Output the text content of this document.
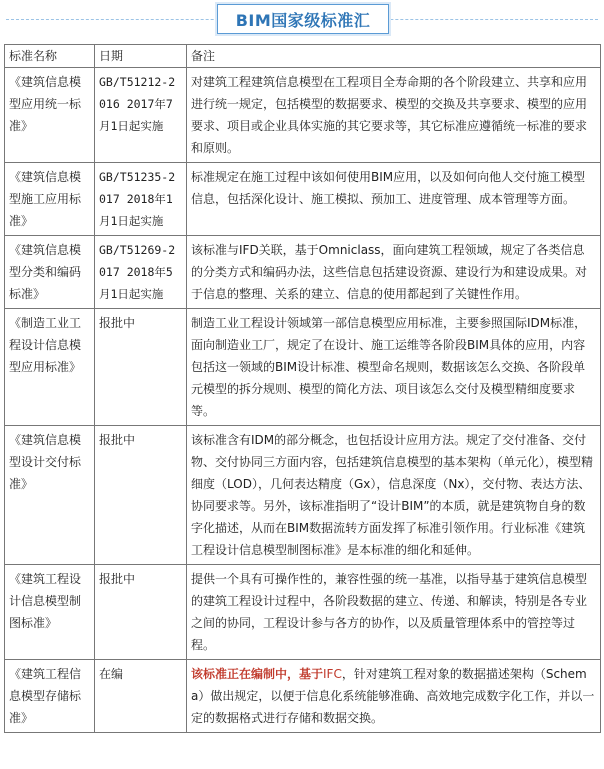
BIM国家级标准汇
标准名称	日期	备注
《建筑信息模型应用统一标准》	GB/T51212-2016 2017年7月1日起实施	对建筑工程建筑信息模型在工程项目全寿命期的各个阶段建立、共享和应用进行统一规定，包括模型的数据要求、模型的交换及共享要求、模型的应用要求、项目或企业具体实施的其它要求等，其它标准应遵循统一标准的要求和原则。
《建筑信息模型施工应用标准》	GB/T51235-2017 2018年1月1日起实施	标准规定在施工过程中该如何使用BIM应用，以及如何向他人交付施工模型信息，包括深化设计、施工模拟、预加工、进度管理、成本管理等方面。
《建筑信息模型分类和编码标准》	GB/T51269-2017 2018年5月1日起实施	该标准与IFD关联，基于Omniclass，面向建筑工程领域，规定了各类信息的分类方式和编码办法，这些信息包括建设资源、建设行为和建设成果。对于信息的整理、关系的建立、信息的使用都起到了关键性作用。
《制造工业工程设计信息模型应用标准》	报批中	制造工业工程设计领域第一部信息模型应用标准，主要参照国际IDM标准，面向制造业工厂，规定了在设计、施工运维等各阶段BIM具体的应用，内容包括这一领域的BIM设计标准、模型命名规则，数据该怎么交换、各阶段单元模型的拆分规则、模型的简化方法、项目该怎么交付及模型精细度要求等。
《建筑信息模型设计交付标准》	报批中	该标准含有IDM的部分概念，也包括设计应用方法。规定了交付准备、交付物、交付协同三方面内容，包括建筑信息模型的基本架构（单元化），模型精细度（LOD），几何表达精度（Gx），信息深度（Nx），交付物、表达方法、协同要求等。另外，该标准指明了“设计BIM”的本质，就是建筑物自身的数字化描述，从而在BIM数据流转方面发挥了标准引领作用。行业标准《建筑工程设计信息模型制图标准》是本标准的细化和延伸。
《建筑工程设计信息模型制图标准》	报批中	提供一个具有可操作性的，兼容性强的统一基准，以指导基于建筑信息模型的建筑工程设计过程中，各阶段数据的建立、传递、和解读，特别是各专业之间的协同，工程设计参与各方的协作，以及质量管理体系中的管控等过程。
《建筑工程信息模型存储标准》	在编	该标准正在编制中，基于IFC，针对建筑工程对象的数据描述架构（Schema）做出规定，以便于信息化系统能够准确、高效地完成数字化工作，并以一定的数据格式进行存储和数据交换。
